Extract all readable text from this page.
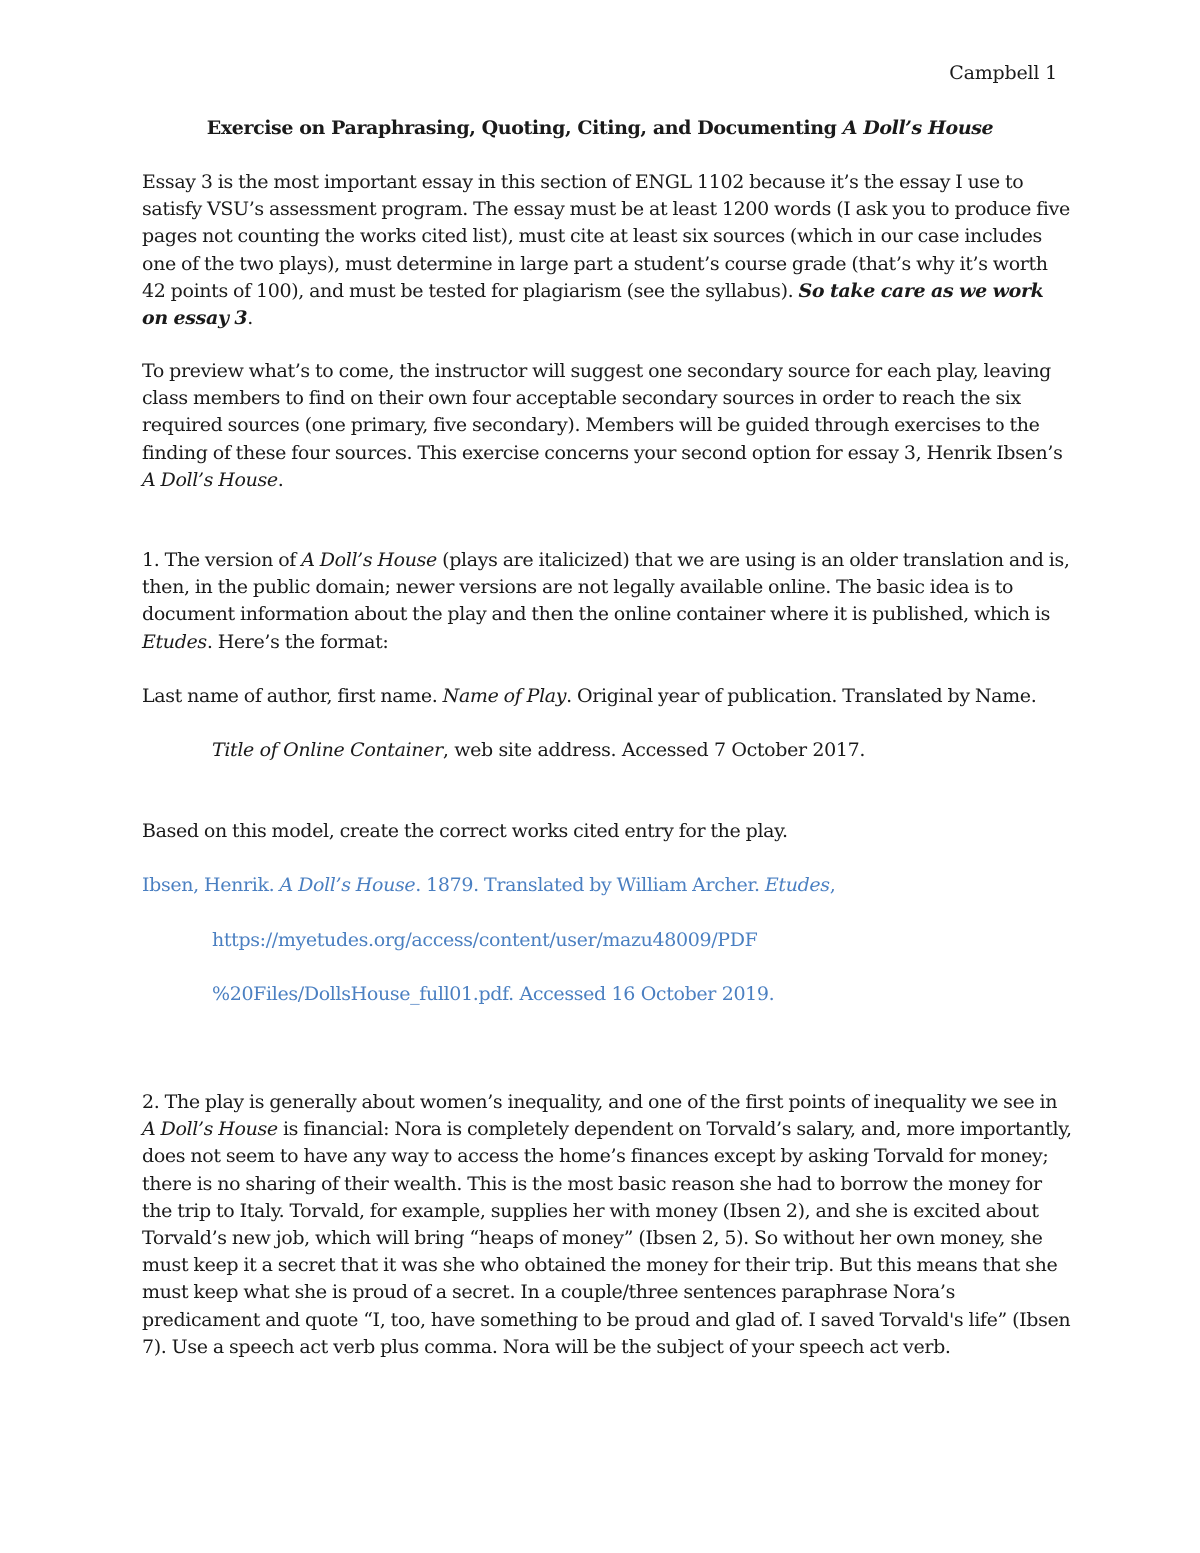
Campbell 1
Exercise on Paraphrasing, Quoting, Citing, and Documenting A Doll’s House

Essay 3 is the most important essay in this section of ENGL 1102 because it’s the essay I use to satisfy VSU’s assessment program. The essay must be at least 1200 words (I ask you to produce five pages not counting the works cited list), must cite at least six sources (which in our case includes one of the two plays), must determine in large part a student’s course grade (that’s why it’s worth 42 points of 100), and must be tested for plagiarism (see the syllabus). So take care as we work on essay 3.

To preview what’s to come, the instructor will suggest one secondary source for each play, leaving class members to find on their own four acceptable secondary sources in order to reach the six required sources (one primary, five secondary). Members will be guided through exercises to the finding of these four sources. This exercise concerns your second option for essay 3, Henrik Ibsen’s A Doll’s House.

1. The version of A Doll’s House (plays are italicized) that we are using is an older translation and is, then, in the public domain; newer versions are not legally available online. The basic idea is to document information about the play and then the online container where it is published, which is Etudes. Here’s the format:

Last name of author, first name. Name of Play. Original year of publication. Translated by Name.

Title of Online Container, web site address. Accessed 7 October 2017.

Based on this model, create the correct works cited entry for the play.

Ibsen, Henrik. A Doll’s House. 1879. Translated by William Archer. Etudes,

https://myetudes.org/access/content/user/mazu48009/PDF

%20Files/DollsHouse_full01.pdf. Accessed 16 October 2019.

2. The play is generally about women’s inequality, and one of the first points of inequality we see in A Doll’s House is financial: Nora is completely dependent on Torvald’s salary, and, more importantly, does not seem to have any way to access the home’s finances except by asking Torvald for money; there is no sharing of their wealth. This is the most basic reason she had to borrow the money for the trip to Italy. Torvald, for example, supplies her with money (Ibsen 2), and she is excited about Torvald’s new job, which will bring “heaps of money” (Ibsen 2, 5). So without her own money, she must keep it a secret that it was she who obtained the money for their trip. But this means that she must keep what she is proud of a secret. In a couple/three sentences paraphrase Nora’s predicament and quote “I, too, have something to be proud and glad of. I saved Torvald's life” (Ibsen 7). Use a speech act verb plus comma. Nora will be the subject of your speech act verb.
